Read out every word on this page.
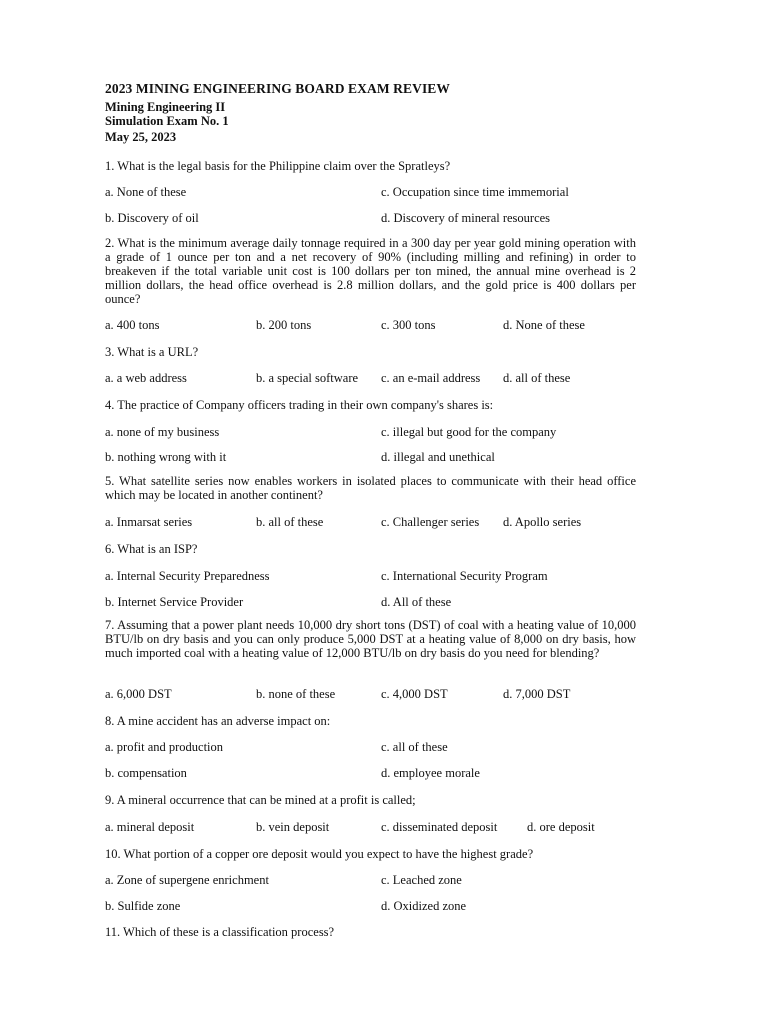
2023 MINING ENGINEERING BOARD EXAM REVIEW
Mining Engineering II
Simulation Exam No. 1
May 25, 2023
1. What is the legal basis for the Philippine claim over the Spratleys?
a. None of these	c. Occupation since time immemorial
b. Discovery of oil	d. Discovery of mineral resources
2. What is the minimum average daily tonnage required in a 300 day per year gold mining operation with a grade of 1 ounce per ton and a net recovery of 90% (including milling and refining) in order to breakeven if the total variable unit cost is 100 dollars per ton mined, the annual mine overhead is 2 million dollars, the head office overhead is 2.8 million dollars, and the gold price is 400 dollars per ounce?
a. 400 tons	b. 200 tons	c. 300 tons	d. None of these
3. What is a URL?
a. a web address	b. a special software c. an e-mail address d. all of these
4. The practice of Company officers trading in their own company's shares is:
a. none of my business	c. illegal but good for the company
b. nothing wrong with it	d. illegal and unethical
5. What satellite series now enables workers in isolated places to communicate with their head office which may be located in another continent?
a. Inmarsat series	b. all of these	c. Challenger series d. Apollo series
6. What is an ISP?
a. Internal Security Preparedness	c. International Security Program
b. Internet Service Provider	d. All of these
7. Assuming that a power plant needs 10,000 dry short tons (DST) of coal with a heating value of 10,000 BTU/lb on dry basis and you can only produce 5,000 DST at a heating value of 8,000 on dry basis, how much imported coal with a heating value of 12,000 BTU/lb on dry basis do you need for blending?
a. 6,000 DST	b. none of these	c. 4,000 DST	d. 7,000 DST
8. A mine accident has an adverse impact on:
a. profit and production	c. all of these
b. compensation	d. employee morale
9. A mineral occurrence that can be mined at a profit is called;
a. mineral deposit	b. vein deposit	c. disseminated deposit d. ore deposit
10. What portion of a copper ore deposit would you expect to have the highest grade?
a. Zone of supergene enrichment	c. Leached zone
b. Sulfide zone	d. Oxidized zone
11. Which of these is a classification process?
